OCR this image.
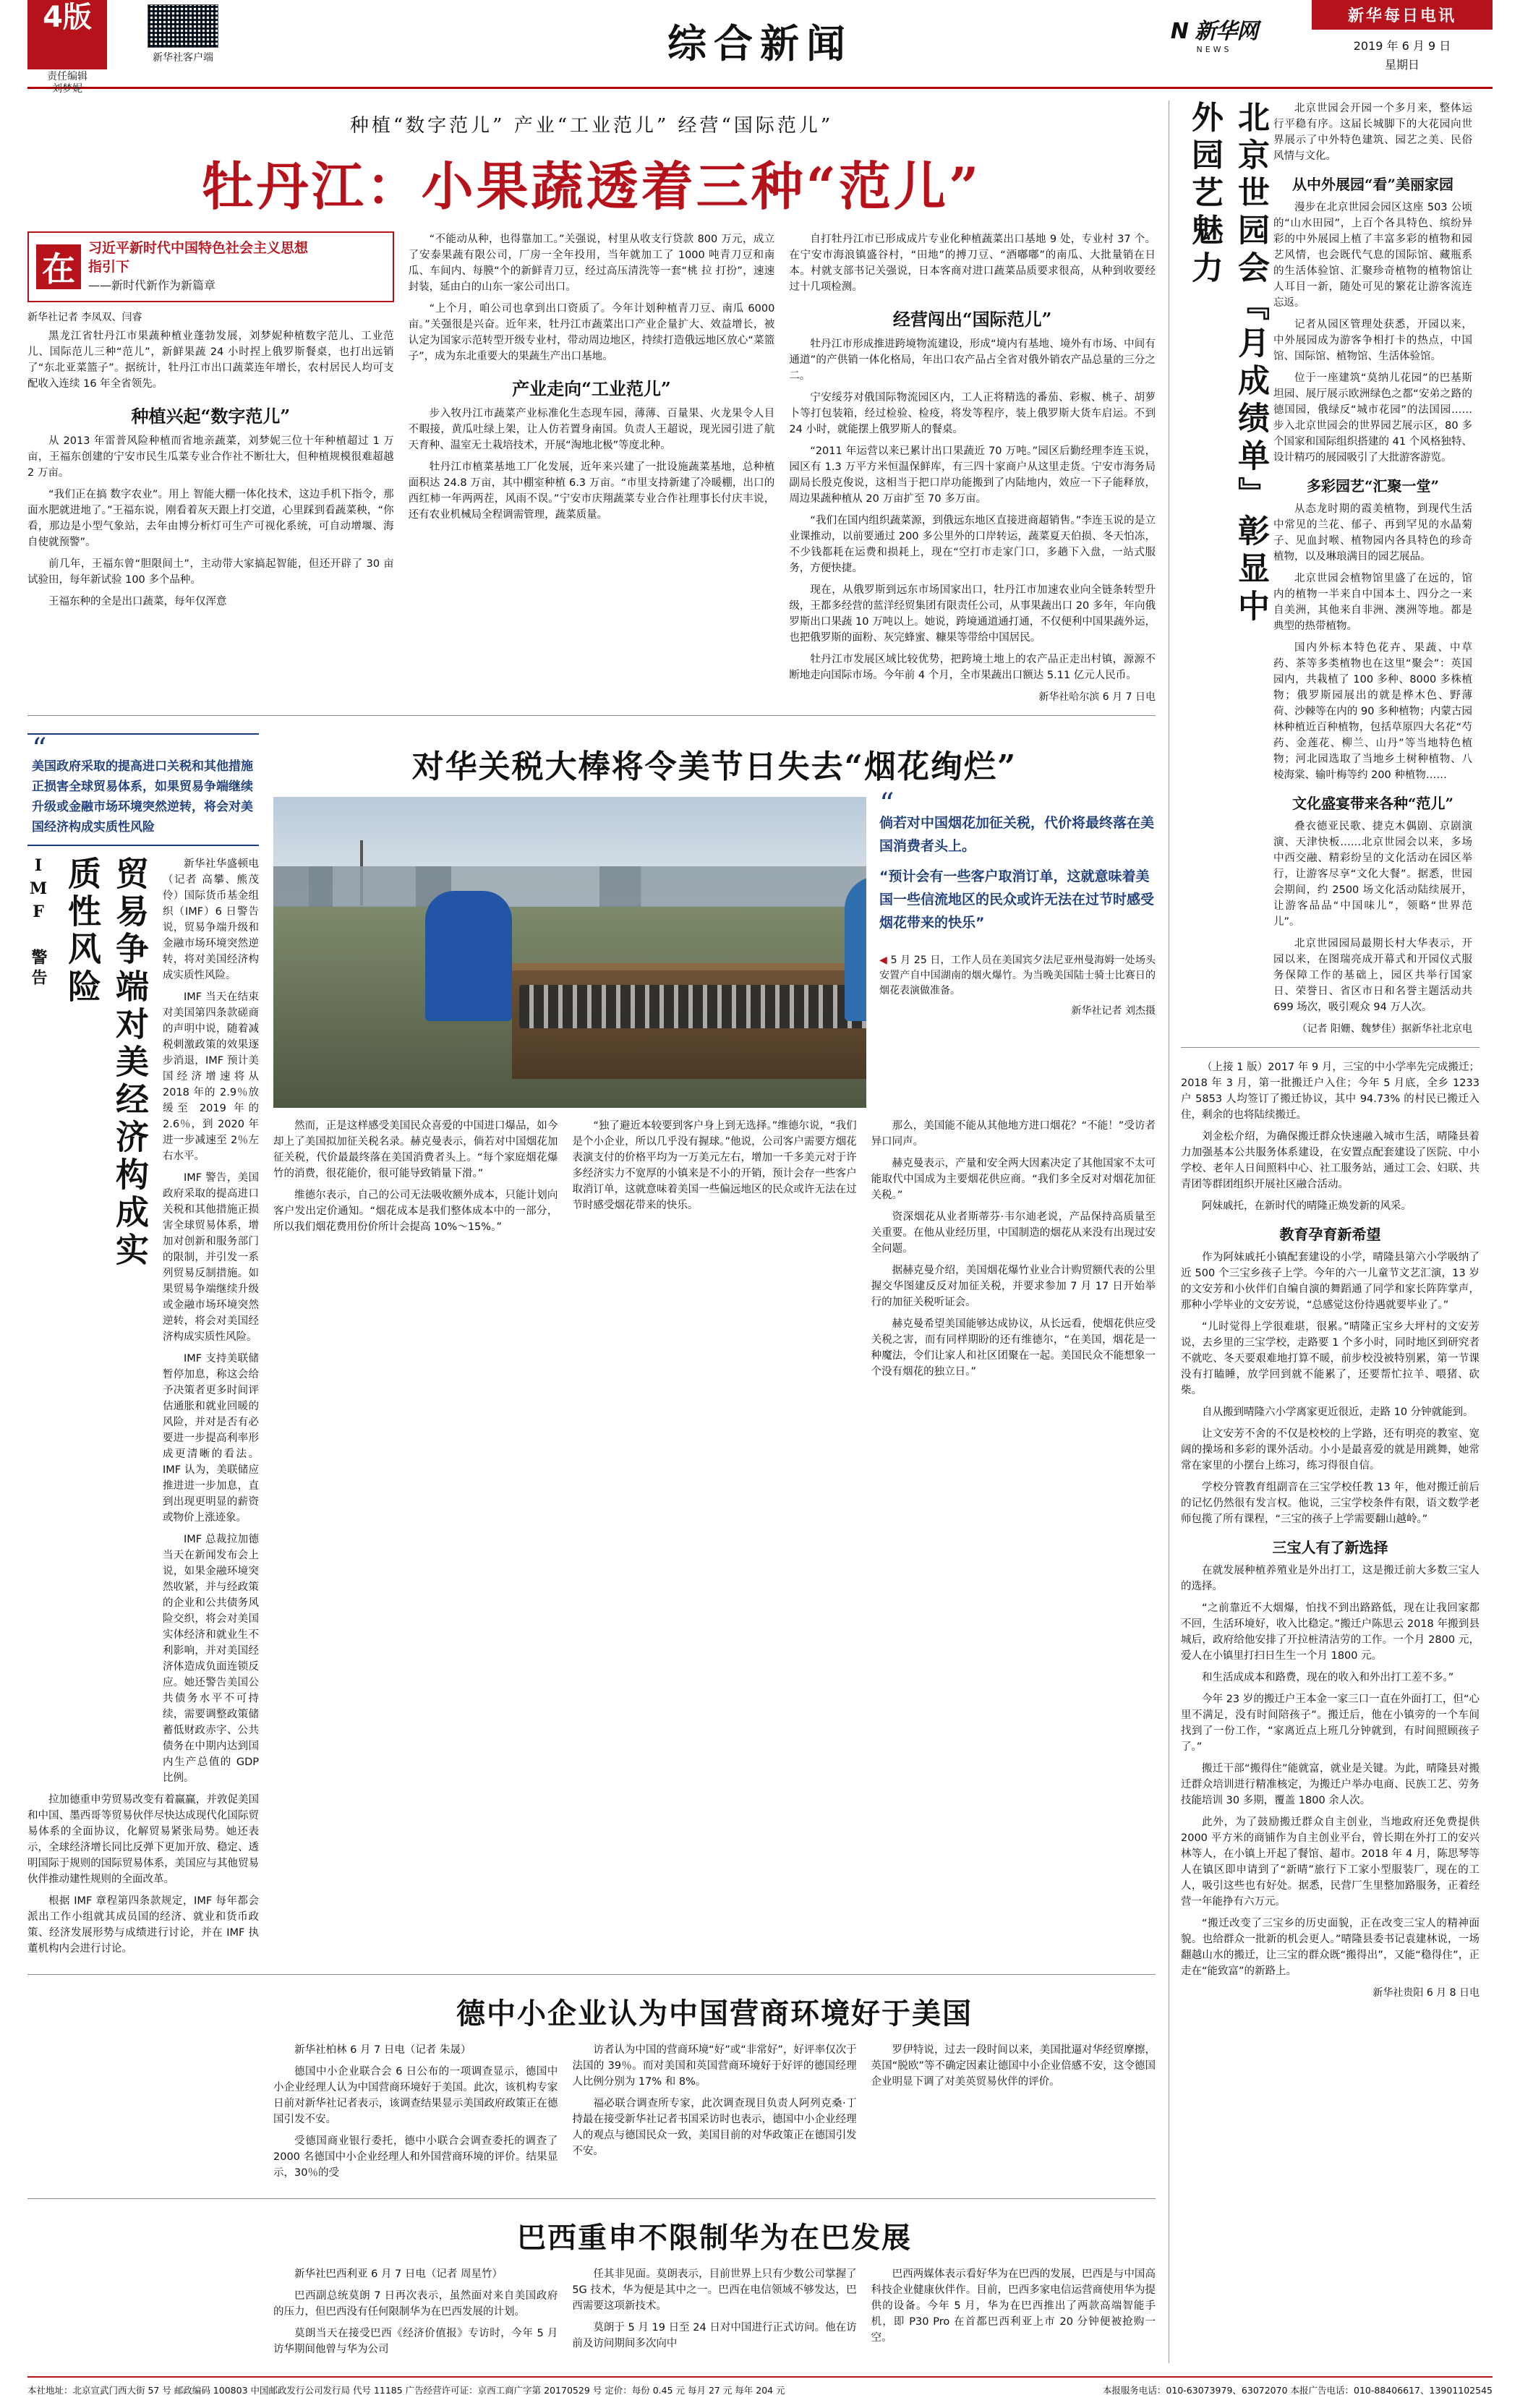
4版
责任编辑
刘梦妮
新华社客户端	综合新闻	N 新华网
NEWS
新华每日电讯
2019 年 6 月 9 日
星期日
种植“数字范儿” 产业“工业范儿” 经营“国际范儿”
牡丹江：小果蔬透着三种“范儿”
在
习近平新时代中国特色社会主义思想
指引下
——新时代新作为新篇章
新华社记者 李凤双、闫睿

黑龙江省牡丹江市果蔬种植业蓬勃发展，刘梦妮种植数字范儿、工业范儿、国际范儿三种“范儿”，新鲜果蔬 24 小时捏上俄罗斯餐桌，也打出远销了“东北亚菜篮子”。据统计，牡丹江市出口蔬菜连年增长，农村居民人均可支配收入连续 16 年全省领先。

种植兴起“数字范儿”

从 2013 年雷普风险种植而省地亲蔬菜，刘梦妮三位十年种植超过 1 万亩，王福东创建的宁安市民生瓜菜专业合作社不断壮大，但种植规模很难超越 2 万亩。

“我们正在搞 数字农业”。用上 智能大棚一体化技术，这边手机下指令，那面水肥就进地了。”王福东说，刚看着灰天跟上打交道，心里踩到看蔬菜秧，“你看，那边是小型气象站，去年由博分析灯可生产可视化系统，可自动增堰、海自使就预警”。

前几年，王福东曾“胆限间土”，主动带大家搞起智能，但还开辟了 30 亩试验田，每年新试验 100 多个品种。

王福东种的全是出口蔬菜，每年仅浑意

“不能动从种，也得靠加工。”关强说，村里从收支行贷款 800 万元，成立了安泰果蔬有限公司，厂房一全年投用，当年就加工了 1000 吨青刀豆和南瓜、车间内、每膜“个的新鲜青刀豆，经过高压清洗等一套“桃 拉 打扮”，速速封装，延由白的山东一家公司出口。

“上个月，咱公司也拿到出口资质了。今年计划种植青刀豆、南瓜 6000 亩。”关强很是兴奋。近年来，牡丹江市蔬菜出口产业企量扩大、效益增长，被认定为国家示范转型开级专业村，带动周边地区，持续打造俄远地区放心“菜篮子”，成为东北重要大的果蔬生产出口基地。

产业走向“工业范儿”

步入牧丹江市蔬菜产业标准化生态现车园，薄薄、百量果、火龙果令人目不暇接，黄瓜吐绿上架，让人仿若置身南国。负责人王超说，现光园引进了航天育种、温室无土栽培技术，开展“淘地北极”等度北种。

牡丹江市植菜基地工厂化发展，近年来兴建了一批设施蔬菜基地，总种植面积达 24.8 万亩，其中棚室种植 6.3 万亩。“市里支持新建了冷暖棚，出口的西红柿一年两两茬，风雨不误。”宁安市庆翔蔬菜专业合作社理事长付庆丰说，还有农业机械局全程调需管理，蔬菜质量。

自打牡丹江市已形成成片专业化种植蔬菜出口基地 9 处，专业村 37 个。在宁安市海浪镇盛谷村，“田地”的搏刀豆、“酒嘟嘟”的南瓜、大批量销在日本。村就支部书记关强说，日本客商对进口蔬菜品质要求很高，从种到收要经过十几项检测。

经营闯出“国际范儿”

牡丹江市形成推进跨境物流建设，形成“境内有基地、境外有市场、中间有通道”的产供销一体化格局，年出口农产品占全省对俄外销农产品总量的三分之二。

宁安绥芬对俄国际物流园区内，工人正将精选的番茄、彩椒、桃子、胡萝卜等打包装箱，经过检验、检疫，将发等程序，装上俄罗斯大货车启运。不到 24 小时，就能摆上俄罗斯人的餐桌。

“2011 年运营以来已累计出口果蔬近 70 万吨。”园区后勤经理李连玉说，园区有 1.3 万平方米恒温保鲜库，有三四十家商户从这里走货。宁安市海务局副局长殷克俊说，这相当于把口岸功能搬到了内陆地内，效应一下子能释放，周边果蔬种植从 20 万亩扩至 70 多万亩。

“我们在国内组织蔬菜源，到俄远东地区直接进商超销售。”李连玉说的是立业课推动，以前要通过 200 多公里外的口岸转运，蔬菜夏天伯损、冬天怕冻，不少钱都耗在运费和损耗上，现在“空打市走家门口，多趟下入盘，一站式服务，方便快捷。

现在，从俄罗斯到远东市场国家出口，牡丹江市加速农业向全链条转型升级，王都多经营的蓝洋经贸集团有限责任公司，从事果蔬出口 20 多年，年向俄罗斯出口果蔬 10 万吨以上。她说，跨境通道通打通，不仅便利中国果蔬外运，也把俄罗斯的面粉、灰完蜂蜜、糠果等带给中国居民。

牡丹江市发展区域比较优势，把跨境土地上的农产品正走出村镇，源源不断地走向国际市场。今年前 4 个月，全市果蔬出口额达 5.11 亿元人民币。

新华社哈尔滨 6 月 7 日电
“
美国政府采取的提高进口关税和其他措施正损害全球贸易体系，如果贸易争端继续升级或金融市场环境突然逆转，将会对美国经济构成实质性风险
IMF 警告	贸易争端对美经济构成实质性风险	新华社华盛顿电（记者 高攀、熊茂伶）国际货币基金组织（IMF）6 日警告说，贸易争端升级和金融市场环境突然逆转，将对美国经济构成实质性风险。

IMF 当天在结束对美国第四条款磋商的声明中说，随着减税刺激政策的效果逐步消退，IMF 预计美国经济增速将从 2018 年的 2.9％放缓至 2019 年的 2.6％，到 2020 年进一步减速至 2％左右水平。

IMF 警告，美国政府采取的提高进口关税和其他措施正损害全球贸易体系，增加对创新和服务部门的限制，并引发一系列贸易反制措施。如果贸易争端继续升级或金融市场环境突然逆转，将会对美国经济构成实质性风险。

IMF 支持美联储暂停加息，称这会给予决策者更多时间评估通胀和就业回暖的风险，并对是否有必要进一步提高利率形成更清晰的看法。IMF 认为，美联储应推进进一步加息，直到出现更明显的薪资或物价上涨迹象。

IMF 总裁拉加德当天在新闻发布会上说，如果金融环境突然收紧，并与经政策的企业和公共债务风险交织，将会对美国实体经济和就业生不利影响，并对美国经济体造成负面连锁反应。她还警告美国公共债务水平不可持续，需要调整政策储蓄低财政赤字、公共债务在中期内达到国内生产总值的 GDP 比例。

拉加德重申劳贸易改变有着赢赢，并敦促美国和中国、墨西哥等贸易伙伴尽快达成现代化国际贸易体系的全面协议，化解贸易紧张局势。她还表示，全球经济增长同比反弹下更加开放、稳定、透明国际于规则的国际贸易体系，美国应与其他贸易伙伴推动建性规则的全面改革。

根据 IMF 章程第四条款规定，IMF 每年都会派出工作小组就其成员国的经济、就业和货币政策、经济发展形势与成绩进行讨论，并在 IMF 执董机构内会进行讨论。

对华关税大棒将令美节日失去“烟花绚烂”
“
倘若对中国烟花加征关税，代价将最终落在美国消费者头上。
“预计会有一些客户取消订单，这就意味着美国一些信流地区的民众或许无法在过节时感受烟花带来的快乐”
◀ 5 月 25 日，工作人员在美国宾夕法尼亚州曼海姆一处场头安置产自中国湖南的烟火爆竹。为当晚美国陆士骑士比赛日的烟花表演做准备。
新华社记者 刘杰摄

然而，正是这样感受美国民众喜爱的中国进口爆品，如今却上了美国拟加征关税名录。赫克曼表示，倘若对中国烟花加征关税，代价最最终落在美国消费者头上。“每个家庭烟花爆竹的消费，很花能价，很可能导致销量下滑。”

维德尔表示，自己的公司无法吸收额外成本，只能计划向客户发出定价通知。“烟花成本是我们整体成本中的一部分，所以我们烟花费用份价所计会提高 10%～15%。”

“独了避近本较要到客户身上到无选择。”维德尔说，“我们是个小企业，所以几乎没有握球。”他说，公司客户需要方烟花表演支付的价格平均为一万美元左右，增加一千多美元对于许多经济实力不宽厚的小镇来是不小的开销，预计会存一些客户取消订单，这就意味着美国一些偏远地区的民众或许无法在过节时感受烟花带来的快乐。

那么，美国能不能从其他地方进口烟花？“不能！”受访者异口同声。

赫克曼表示，产量和安全两大因素决定了其他国家不太可能取代中国成为主要烟花供应商。“我们多全反对对烟花加征关税。”

资深烟花从业者斯蒂芬·韦尔迪老说，产品保持高质量至关重要。在他从业经历里，中国制造的烟花从来没有出现过安全问题。

据赫克曼介绍，美国烟花爆竹业业合计购贸额代表的公里握交华图建反反对加征关税，并要求参加 7 月 17 日开始举行的加征关税听证会。

赫克曼希望美国能够达成协议，从长远看，使烟花供应受关税之害，而有同样期盼的还有维德尔，“在美国，烟花是一种魔法，令们让家人和社区团聚在一起。美国民众不能想象一个没有烟花的独立日。”

德中小企业认为中国营商环境好于美国

新华社柏林 6 月 7 日电（记者 朱晟）

德国中小企业联合会 6 日公布的一项调查显示，德国中小企业经理人认为中国营商环境好于美国。此次，该机构专家日前对新华社记者表示，该调查结果显示美国政府政策正在德国引发不安。

受德国商业银行委托，德中小联合会调查委托的调查了 2000 名德国中小企业经理人和外国营商环境的评价。结果显示，30％的受

访者认为中国的营商环境“好”或“非常好”，好评率仅次于法国的 39％。而对美国和英国营商环境好于好评的德国经理人比例分别为 17% 和 8%。

福必联合调查所专家，此次调查现目负责人阿列克桑·丁持最在接受新华社记者书国采访时也表示，德国中小企业经理人的观点与德国民众一致，美国目前的对华政策正在德国引发不安。

罗伊特说，过去一段时间以来，美国批逼对华经贸摩擦，英国“脱欧”等不确定因素让德国中小企业倍感不安，这令德国企业明显下调了对美英贸易伙伴的评价。

巴西重申不限制华为在巴发展

新华社巴西利亚 6 月 7 日电（记者 周星竹）

巴西副总统莫朗 7 日再次表示，虽然面对来自美国政府的压力，但巴西没有任何限制华为在巴西发展的计划。

莫朗当天在接受巴西《经济价值报》专访时，今年 5 月访华期间他曾与华为公司

任其非见面。莫朗表示，目前世界上只有少数公司掌握了 5G 技术，华为便是其中之一。巴西在电信领域不够发达，巴西需要这项新技术。

莫朗于 5 月 19 日至 24 日对中国进行正式访问。他在访前及访问期间多次向中

巴西两媒体表示看好华为在巴西的发展，巴西是与中国高科技企业健康伙伴作。目前，巴西多家电信运营商使用华为提供的设备。今年 5 月，华为在巴西推出了两款高端智能手机，即 P30 Pro 在首都巴西利亚上市 20 分钟便被抢购一空。

北京世园会『月成绩单』彰显中外园艺魅力	北京世园会开园一个多月来，整体运行平稳有序。这届长城脚下的大花园向世界展示了中外特色建筑、园艺之美、民俗风情与文化。

从中外展园“看”美丽家园

漫步在北京世园会园区这座 503 公顷的“山水田园”，上百个各具特色、缤纷异彩的中外展园上植了丰富多彩的植物和园艺风情，也会既代气息的国际馆、藏瓶系的生活体验馆、汇聚珍奇植物的植物馆让人耳目一新，随处可见的繁花让游客流连忘返。

记者从园区管理处获悉，开园以来，中外展园成为游客争相打卡的热点，中国馆、国际馆、植物馆、生活体验馆。

位于一座建筑“莫纳儿花园”的巴基斯坦园、展厅展示欧洲绿色之都“安弟之路的德国园，俄绿反“城市花园”的法国园……步入北京世园会的世界园艺展示区，80 多个国家和国际组织搭建的 41 个风格独特、设计精巧的展园吸引了大批游客游览。

多彩园艺“汇聚一堂”

从态龙时期的霞美植物，到现代生活中常见的兰花、郁子、再到罕见的水晶菊子、见血封喉、植物园内各具特色的珍奇植物，以及琳琅满目的园艺展品。

北京世园会植物馆里盛了在远的，馆内的植物一半来自中国本土、四分之一来自美洲，其他来自非洲、澳洲等地。都是典型的热带植物。

国内外标本特色花卉、果蔬、中草药、茶等多类植物也在这里“聚会”：英国园内，共栽植了 100 多种、8000 多株植物；俄罗斯园展出的就是桦木色、野薄荷、沙棘等在内的 90 多种植物；内蒙古园林种植近百种植物，包括草原四大名花“芍药、金莲花、柳兰、山丹”等当地特色植物；河北园选取了当地乡土树种植物、八棱海棠、输叶梅等约 200 种植物……

文化盛宴带来各种“范儿”

叠衣德亚民歌、捷克木偶剧、京剧演演、天津快板……北京世园会以来，多场中西交融、精彩纷呈的文化活动在园区举行，让游客尽享“文化大餐”。据悉，世园会期间，约 2500 场文化活动陆续展开，让游客品品“中国味儿”，领略“世界范儿”。

北京世园园局最期长村大华表示，开园以来，在图瑞亮成开幕式和开园仪式服务保障工作的基础上，园区共举行国家日、荣誉日、省区市日和名誉主题活动共 699 场次，吸引观众 94 万人次。

（记者 阳姗、魏梦佳）据新华社北京电

（上接 1 版）2017 年 9 月，三宝的中小学率先完成搬迁；2018 年 3 月，第一批搬迁户入住；今年 5 月底，全乡 1233 户 5853 人均签订了搬迁协议，其中 94.73% 的村民已搬迁入住，剩余的也将陆续搬迁。

刘金松介绍，为确保搬迁群众快速融入城市生活，晴隆县着力加强基本公共服务体系建设，在安置点配套建设了医院、中小学校、老年人日间照料中心、社工服务站，通过工会、妇联、共青团等群团组织开展社区融合活动。

阿妹戚托，在新时代的晴隆正焕发新的风采。

教育孕育新希望

作为阿妹戚托小镇配套建设的小学，晴隆县第六小学吸纳了近 500 个三宝乡孩子上学。今年的六一儿童节文艺汇演，13 岁的文安芳和小伙伴们自编自演的舞蹈通了同学和家长阵阵掌声，那种小学毕业的文安芳说，“总感觉这份待遇就要毕业了。”

“儿时觉得上学很难堪，很累。”晴隆正宝乡大坪村的文安芳说，去乡里的三宝学校，走路要 1 个多小时，同时地区到研究者不就吃、冬天要艰难地打算不暖，前步校没被特别累，第一节课没有打瞌睡，放学回到就不能累了，还要帮忙拉羊、喂猪、砍柴。

自从搬到晴隆六小学离家更近很近，走路 10 分钟就能到。

让文安芳不舍的不仅是校校的上学路，还有明亮的教室、宽阔的操场和多彩的课外活动。小小是最喜爱的就是用跳舞，她常常在家里的小摆台上练习，练习得很自信。

学校分管教育组副音在三宝学校任教 13 年，他对搬迁前后的记忆仍然很有发言权。他说，三宝学校条件有限，语文数学老师包揽了所有课程，“三宝的孩子上学需要翻山越岭。”

三宝人有了新选择

在就发展种植养殖业是外出打工，这是搬迁前大多数三宝人的选择。

“之前靠近不大烟爆，怕找不到出路路低，现在让我回家都不回，生活环境好，收入比稳定。”搬迁户陈思云 2018 年搬到县城后，政府给他安排了开拉桩清洁劳的工作。一个月 2800 元，爱人在小镇里打扫日生生一个月 1800 元。

和生活成成本和路费，现在的收入和外出打工差不多。”

今年 23 岁的搬迁户王本金一家三口一直在外面打工，但“心里不满足，没有时间陪孩子”。搬迁后，他在小镇旁的一个车间找到了一份工作，“家离近点上班几分钟就到，有时间照顾孩子了。”

搬迁干部“搬得住”能就富，就业是关键。为此，晴隆县对搬迁群众培训进行精准核定，为搬迁户举办电商、民族工艺、劳务技能培训 30 多期，覆盖 1800 余人次。

此外，为了鼓励搬迁群众自主创业，当地政府还免费提供 2000 平方米的商铺作为自主创业平台，曾长期在外打工的安兴林等人，在小镇上开起了餐馆、超市。2018 年 4 月，陈思琴等人在镇区即申请到了“新晴”旅行下工家小型服装厂，现在的工人，吸引这些也有好处。据悉，民营厂生里整加路服务，正着经营一年能挣有六万元。

“搬迁改变了三宝乡的历史面貌，正在改变三宝人的精神面貌。也给群众一批新的机会更人。”晴隆县委书记袁建林说，一场翻越山水的搬迁，让三宝的群众既“搬得出”，又能“稳得住”，正走在“能致富”的新路上。

新华社贵阳 6 月 8 日电
本社地址：北京宣武门西大街 57 号 邮政编码 100803 中国邮政发行公司发行局 代号 11185 广告经营许可证：京西工商广字第 20170529 号 定价：每份 0.45 元 每月 27 元 每年 204 元	本报服务电话：010-63073979、63072070 本报广告电话：010-88406617、13901102545
